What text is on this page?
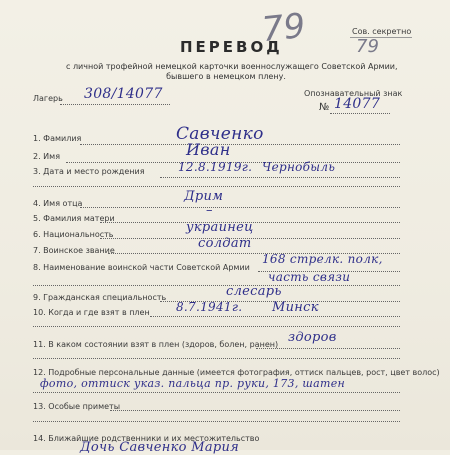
Сов. секретно
79
ПЕРЕВОД
79
с личной трофейной немецкой карточки военнослужащего Советской Армии,
бывшего в немецком плену.
Лагерь 308/14077	Опознавательный знак
№ 14077
1. Фамилия	Савченко
2. Имя	Иван
3. Дата и место рождения	12.8.1919г. Чернобыль
4. Имя отца	Дрим
5. Фамилия матери
–
6. Национальность	украинец
7. Воинское звание	солдат
8. Наименование воинской части Советской Армии
168 стрелк. полк,
часть связи
9. Гражданская специальность	слесарь
10. Когда и где взят в плен 8.7.1941г. Минск
11. В каком состоянии взят в плен (здоров, болен, ранен) здоров
12. Подробные персональные данные (имеется фотография, оттиск пальцев, рост, цвет волос)
фото, оттиск указ. пальца пр. руки, 173, шатен
13. Особые приметы
14. Ближайшие родственники и их местожительство
Дочь Савченко Мария
